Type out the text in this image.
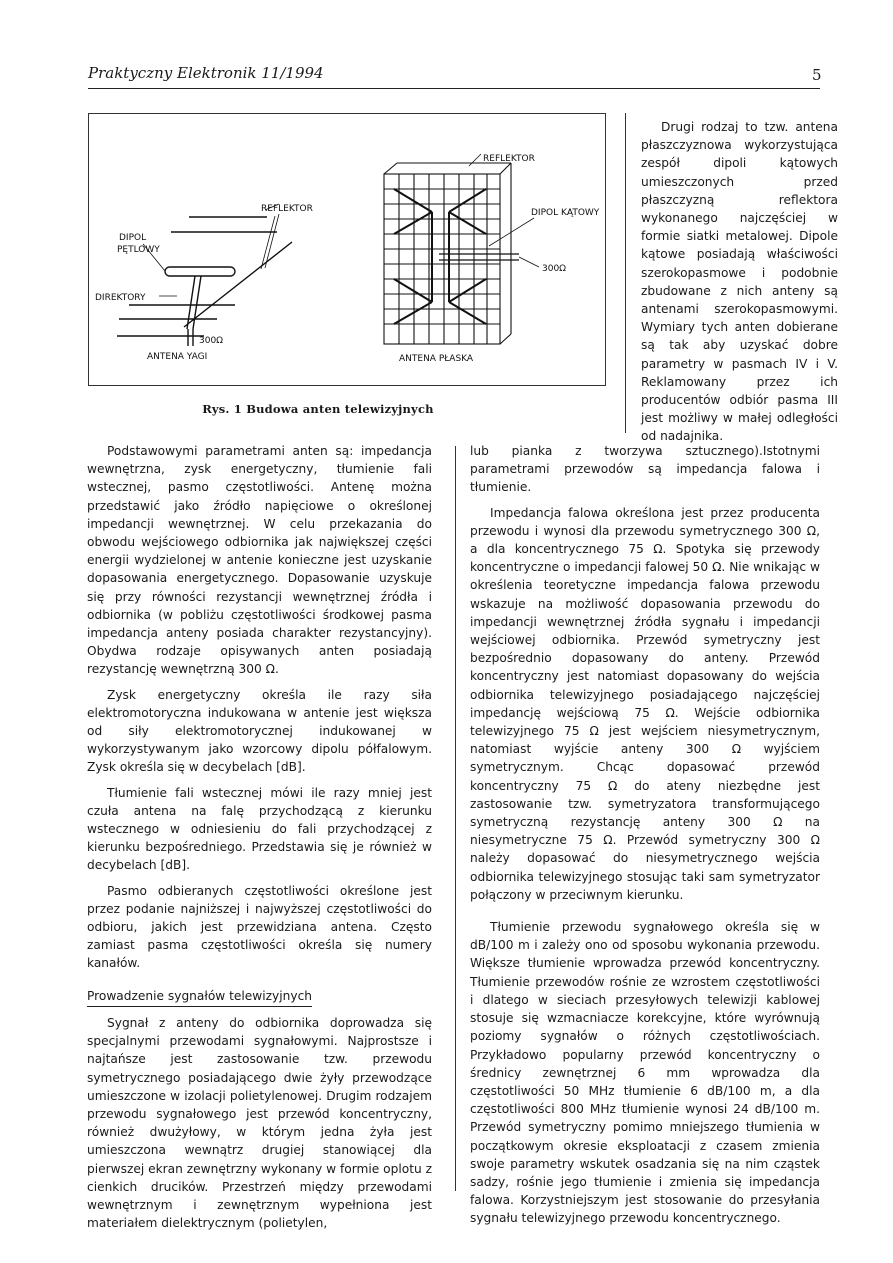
Praktyczny Elektronik 11/1994	5
DIPOL
PĘTLOWY
REFLEKTOR
DIREKTORY
300Ω
ANTENA YAGI
REFLEKTOR
DIPOL KĄTOWY
300Ω
ANTENA PŁASKA
Rys. 1 Budowa anten telewizyjnych

Drugi rodzaj to tzw. antena płaszczyznowa wykorzystująca zespół dipoli kątowych umieszczonych przed płaszczyzną reflektora wykonanego najczęściej w formie siatki metalowej. Dipole kątowe posiadają właściwości szerokopasmowe i podobnie zbudowane z nich anteny są antenami szerokopasmowymi. Wymiary tych anten dobierane są tak aby uzyskać dobre parametry w pasmach IV i V. Reklamowany przez ich producentów odbiór pasma III jest możliwy w małej odległości od nadajnika.

Podstawowymi parametrami anten są: impedancja wewnętrzna, zysk energetyczny, tłumienie fali wstecznej, pasmo częstotliwości. Antenę można przedstawić jako źródło napięciowe o określonej impedancji wewnętrznej. W celu przekazania do obwodu wejściowego odbiornika jak największej części energii wydzielonej w antenie konieczne jest uzyskanie dopasowania energetycznego. Dopasowanie uzyskuje się przy równości rezystancji wewnętrznej źródła i odbiornika (w pobliżu częstotliwości środkowej pasma impedancja anteny posiada charakter rezystancyjny). Obydwa rodzaje opisywanych anten posiadają rezystancję wewnętrzną 300 Ω.

Zysk energetyczny określa ile razy siła elektromotoryczna indukowana w antenie jest większa od siły elektromotorycznej indukowanej w wykorzystywanym jako wzorcowy dipolu półfalowym. Zysk określa się w decybelach [dB].

Tłumienie fali wstecznej mówi ile razy mniej jest czuła antena na falę przychodzącą z kierunku wstecznego w odniesieniu do fali przychodzącej z kierunku bezpośredniego. Przedstawia się je również w decybelach [dB].

Pasmo odbieranych częstotliwości określone jest przez podanie najniższej i najwyższej częstotliwości do odbioru, jakich jest przewidziana antena. Często zamiast pasma częstotliwości określa się numery kanałów.

Prowadzenie sygnałów telewizyjnych

Sygnał z anteny do odbiornika doprowadza się specjalnymi przewodami sygnałowymi. Najprostsze i najtańsze jest zastosowanie tzw. przewodu symetrycznego posiadającego dwie żyły przewodzące umieszczone w izolacji polietylenowej. Drugim rodzajem przewodu sygnałowego jest przewód koncentryczny, również dwużyłowy, w którym jedna żyła jest umieszczona wewnątrz drugiej stanowiącej dla pierwszej ekran zewnętrzny wykonany w formie oplotu z cienkich drucików. Przestrzeń między przewodami wewnętrznym i zewnętrznym wypełniona jest materiałem dielektrycznym (polietylen,

lub pianka z tworzywa sztucznego).Istotnymi parametrami przewodów są impedancja falowa i tłumienie.

Impedancja falowa określona jest przez producenta przewodu i wynosi dla przewodu symetrycznego 300 Ω, a dla koncentrycznego 75 Ω. Spotyka się przewody koncentryczne o impedancji falowej 50 Ω. Nie wnikając w określenia teoretyczne impedancja falowa przewodu wskazuje na możliwość dopasowania przewodu do impedancji wewnętrznej źródła sygnału i impedancji wejściowej odbiornika. Przewód symetryczny jest bezpośrednio dopasowany do anteny. Przewód koncentryczny jest natomiast dopasowany do wejścia odbiornika telewizyjnego posiadającego najczęściej impedancję wejściową 75 Ω. Wejście odbiornika telewizyjnego 75 Ω jest wejściem niesymetrycznym, natomiast wyjście anteny 300 Ω wyjściem symetrycznym. Chcąc dopasować przewód koncentryczny 75 Ω do ateny niezbędne jest zastosowanie tzw. symetryzatora transformującego symetryczną rezystancję anteny 300 Ω na niesymetryczne 75 Ω. Przewód symetryczny 300 Ω należy dopasować do niesymetrycznego wejścia odbiornika telewizyjnego stosując taki sam symetryzator połączony w przeciwnym kierunku.

Tłumienie przewodu sygnałowego określa się w dB/100 m i zależy ono od sposobu wykonania przewodu. Większe tłumienie wprowadza przewód koncentryczny. Tłumienie przewodów rośnie ze wzrostem częstotliwości i dlatego w sieciach przesyłowych telewizji kablowej stosuje się wzmacniacze korekcyjne, które wyrównują poziomy sygnałów o różnych częstotliwościach. Przykładowo popularny przewód koncentryczny o średnicy zewnętrznej 6 mm wprowadza dla częstotliwości 50 MHz tłumienie 6 dB/100 m, a dla częstotliwości 800 MHz tłumienie wynosi 24 dB/100 m. Przewód symetryczny pomimo mniejszego tłumienia w początkowym okresie eksploatacji z czasem zmienia swoje parametry wskutek osadzania się na nim cząstek sadzy, rośnie jego tłumienie i zmienia się impedancja falowa. Korzystniejszym jest stosowanie do przesyłania sygnału telewizyjnego przewodu koncentrycznego.
